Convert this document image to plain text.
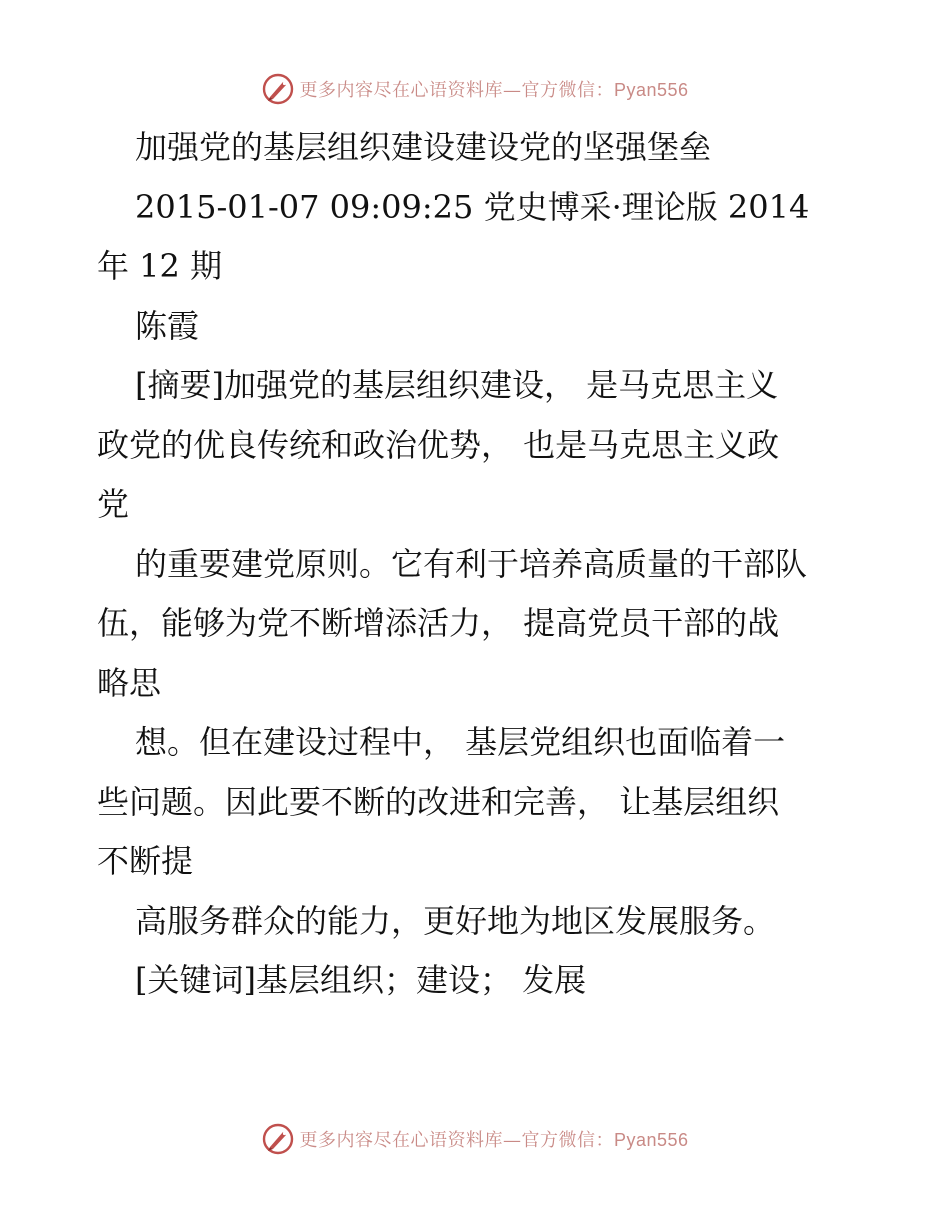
更多内容尽在心语资料库—官方微信：Pyan556
加强党的基层组织建设建设党的坚强堡垒
2015-01-07 09:09:25 党史博采·理论版 2014
年 12 期
陈霞
[摘要]加强党的基层组织建设， 是马克思主义
政党的优良传统和政治优势， 也是马克思主义政
党
的重要建党原则。它有利于培养高质量的干部队
伍，能够为党不断增添活力， 提高党员干部的战
略思
想。但在建设过程中， 基层党组织也面临着一
些问题。因此要不断的改进和完善， 让基层组织
不断提
高服务群众的能力，更好地为地区发展服务。
[关键词]基层组织；建设； 发展
更多内容尽在心语资料库—官方微信：Pyan556
